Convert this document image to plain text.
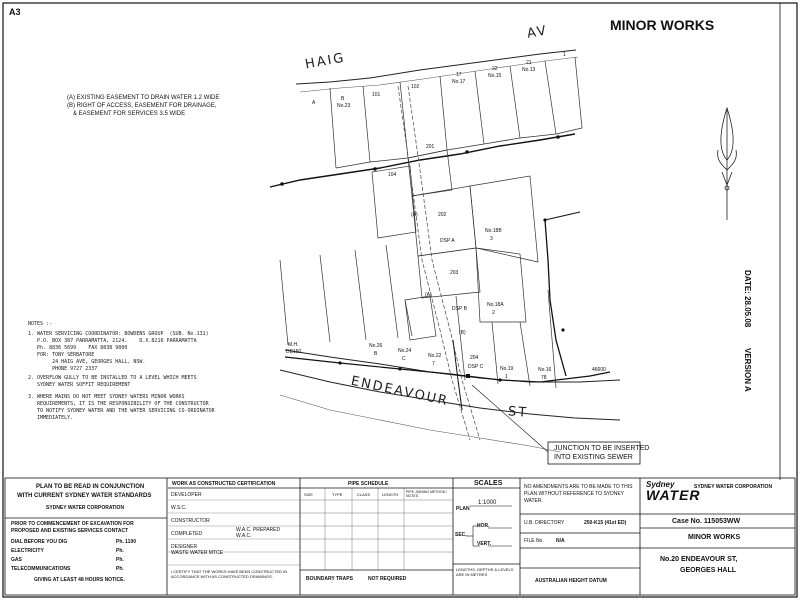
A3
MINOR WORKS
DATE: 28.05.08
VERSION A
HAIG
AV
ENDEAVOUR
ST
(A) EXISTING EASEMENT TO DRAIN WATER 1.2 WIDE
(B) RIGHT OF ACCESS, EASEMENT FOR DRAINAGE,
& EASEMENT FOR SERVICES 3.5 WIDE
A
B
No.23
101
102
17
No.17
22
No.15
21
No.13
1
201
104
(A)	202
No.18B
3
DSP A
203
(A)
DSP B
No.18A
2
(B)
No.26
B	No.24
C	No.22
7
204
DSP C	No.19
1
No.16
78
M.H.
DB150
46600
NOTES :-
1. WATER SERVICING COORDINATOR: BOWDENS GROUP  (SUB. No.131)
P.O. BOX 387 PARRAMATTA, 2124.    D.X.8216 PARRAMATTA
Ph. 8836 5699    FAX 8838 9800
FOR: TONY SERBATORE
24 HAIG AVE, GEORGES HALL, NSW.
PHONE 9727 2337
2. OVERFLOW GULLY TO BE INSTALLED TO A LEVEL WHICH MEETS
SYDNEY WATER SOFFIT REQUIREMENT
3. WHERE MAINS DO NOT MEET SYDNEY WATERS MINOR WORKS
REQUIREMENTS, IT IS THE RESPONSIBILITY OF THE CONSTRUCTOR
TO NOTIFY SYDNEY WATER AND THE WATER SERVICING CO-ORDINATOR
IMMEDIATELY.
JUNCTION TO BE INSERTED
INTO EXISTING SEWER
PLAN TO BE READ IN CONJUNCTION
WITH CURRENT SYDNEY WATER STANDARDS
SYDNEY WATER CORPORATION
PRIOR TO COMMENCEMENT OF EXCAVATION FOR
PROPOSED AND EXISTING SERVICES CONTACT
DIAL BEFORE YOU DIG	Ph. 1100
ELECTRICITY	Ph.
GAS	Ph.
TELECOMMUNICATIONS	Ph.
GIVING AT LEAST 48 HOURS NOTICE.
WORK AS CONSTRUCTED CERTIFICATION
DEVELOPER
W.S.C.
CONSTRUCTOR
W.A.C. PREPARED
COMPLETED	W.A.C.
DESIGNER
WASTE WATER MTCE
I CERTIFY THAT THE WORKS HAVE BEEN CONSTRUCTED IN ACCORDANCE WITH AS CONSTRUCTED DRAWINGS.
PIPE SCHEDULE
SIZE	TYPE	CLASS	LENGTH PIPE JOINING METHOD / NOTES
BOUNDARY TRAPS	NOT REQUIRED
SCALES
PLAN
1:1000
HOR.
VERT.
SEC.
LENGTHS, DEPTHS & LEVELS ARE IN METRES
NO AMENDMENTS ARE TO BE MADE TO THIS
PLAN WITHOUT REFERENCE TO SYDNEY
WATER.
U.B. DIRECTORY	250-K15 (41st ED)
FILE No. N/A
AUSTRALIAN HEIGHT DATUM
Sydney
WATER
SYDNEY WATER CORPORATION
Case No. 115053WW
MINOR WORKS
No.20 ENDEAVOUR ST,
GEORGES HALL
